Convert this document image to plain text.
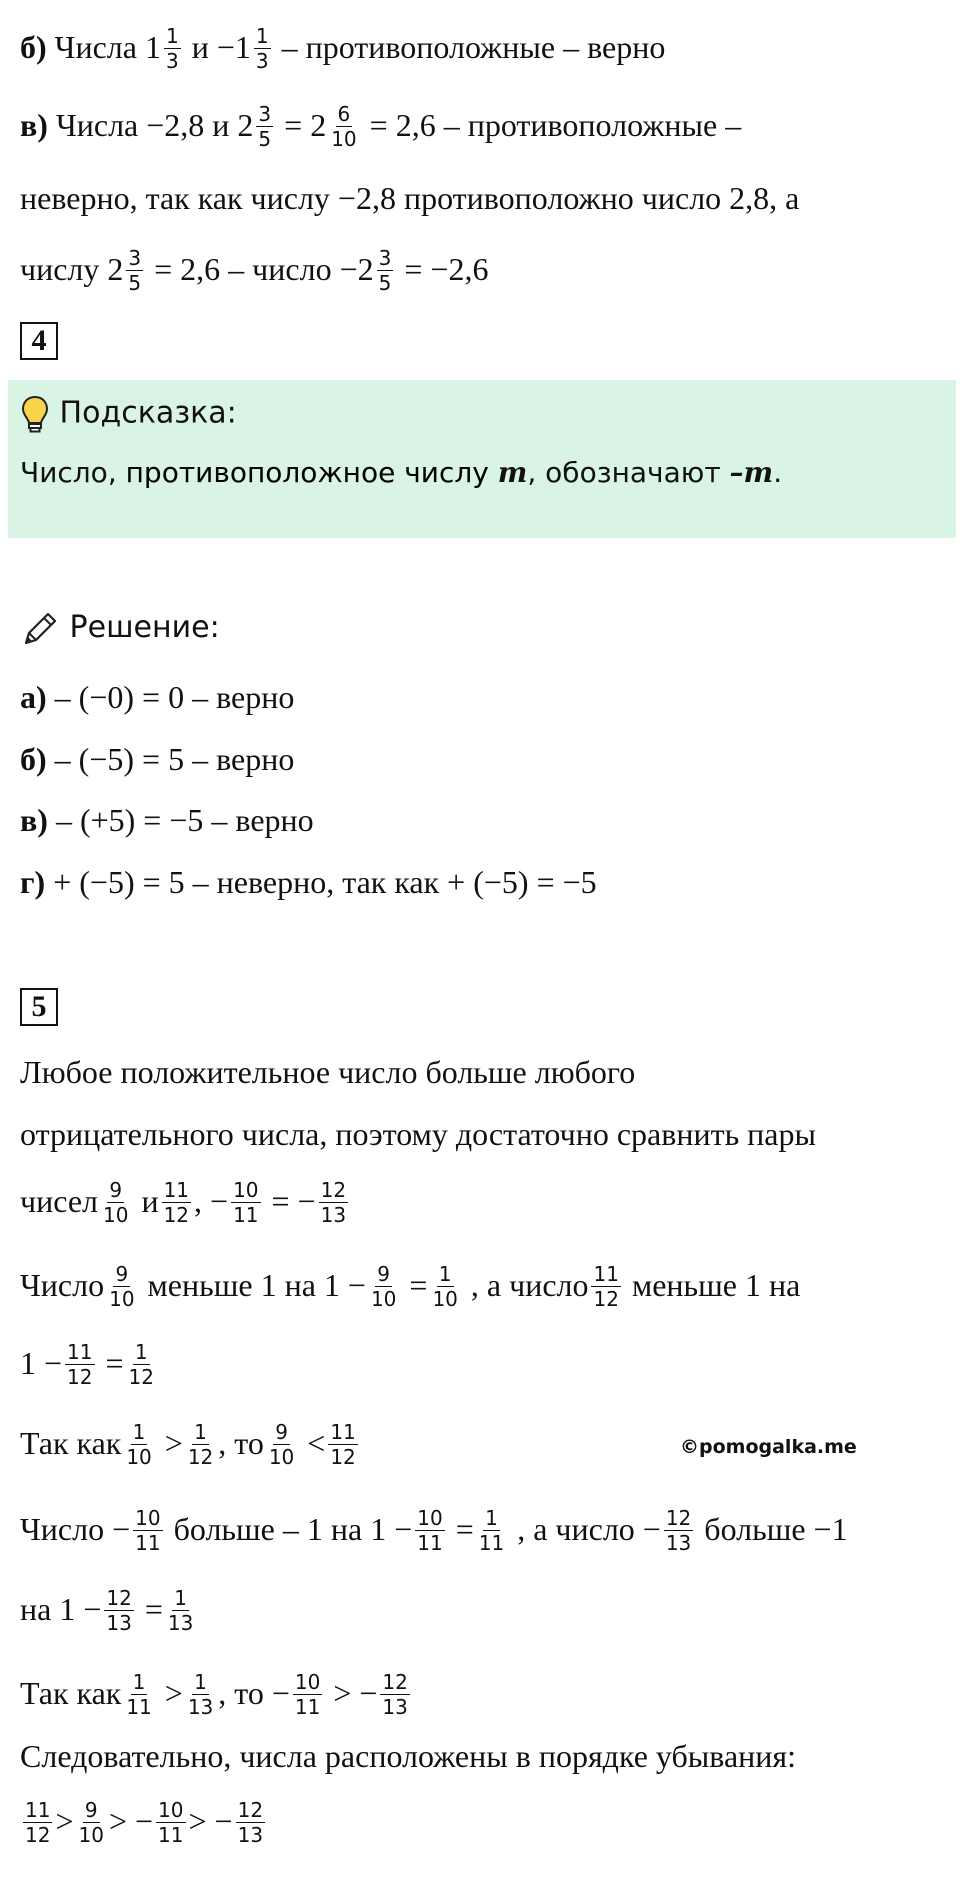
б) Числа $1 \frac{1}{3}$ $и -1 \frac{1}{3}$ – противоположные – верно
в) Числа −2,8 и $2 \frac{3}{5} = 2 \frac{6}{10} = 2,6$ – противоположные –
неверно, так как числу −2,8 противоположно число 2,8, а
числу $2 \frac{3}{5} = 2,6$ – число $-2 \frac{3}{5} = -2,6$
4
Подсказка:
Число, противоположное числу m, обозначают –m.
Решение:
а) – (−0) = 0 – верно
б) – (−5) = 5 – верно
в) – (+5) = −5 – верно
г) + (−5) = 5 – неверно, так как + (−5) = −5
5
Любое положительное число больше любого
отрицательного числа, поэтому достаточно сравнить пары
чисел $\frac{9}{10}$ и $\frac{11}{12}$ , − $\frac{10}{11}$ = − $\frac{12}{13}$
Число $\frac{9}{10}$ меньше 1 на $1 - \frac{9}{10} = \frac{1}{10}$ , а число $\frac{11}{12}$ меньше 1 на
$1 - \frac{11}{12} = \frac{1}{12}$
Так как $\frac{1}{10} > \frac{1}{12}$ , то $\frac{9}{10} < \frac{11}{12}$	©pomogalka.me
Число − $\frac{10}{11}$ больше – 1 на $1 - \frac{10}{11} = \frac{1}{11}$ , а число − $\frac{12}{13}$ больше −1
на $1 - \frac{12}{13} = \frac{1}{13}$
Так как $\frac{1}{11} > \frac{1}{13}$ , то − $\frac{10}{11}$ > − $\frac{12}{13}$
Следовательно, числа расположены в порядке убывания:
$\frac{11}{12} > \frac{9}{10}$ > − $\frac{10}{11}$ > − $\frac{12}{13}$
